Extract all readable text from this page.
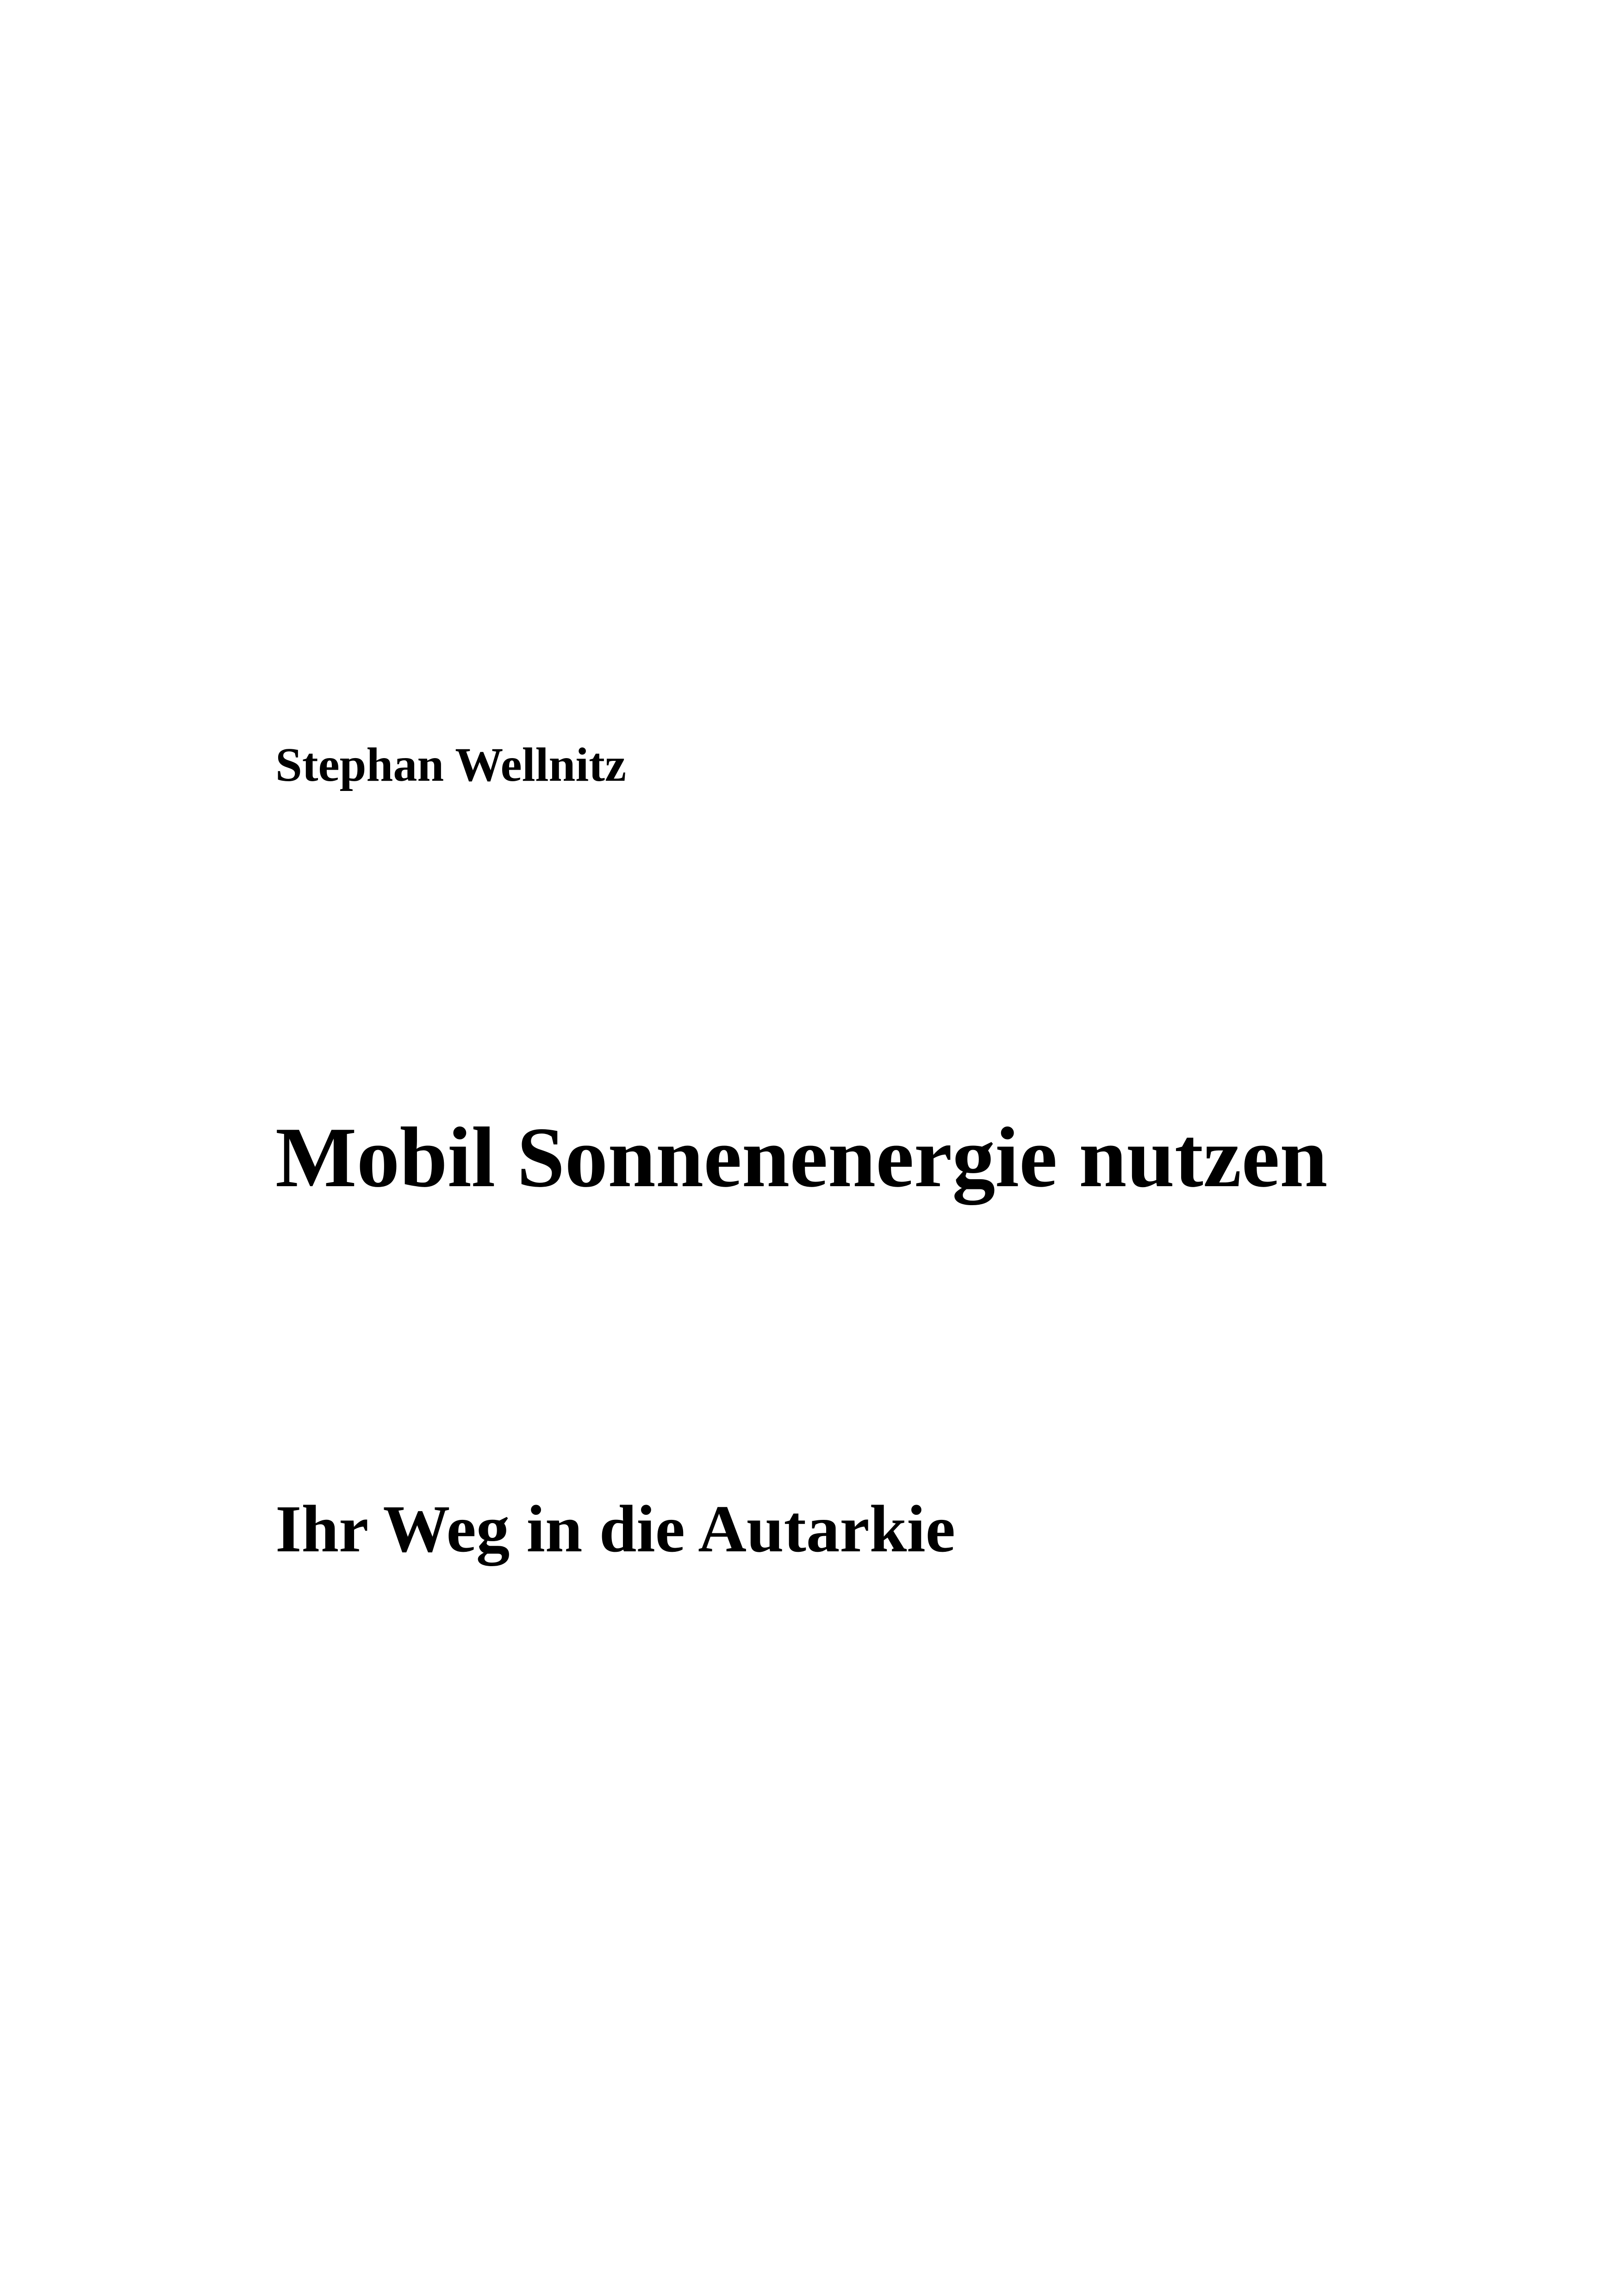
Stephan Wellnitz
Mobil Sonnenenergie nutzen
Ihr Weg in die Autarkie
